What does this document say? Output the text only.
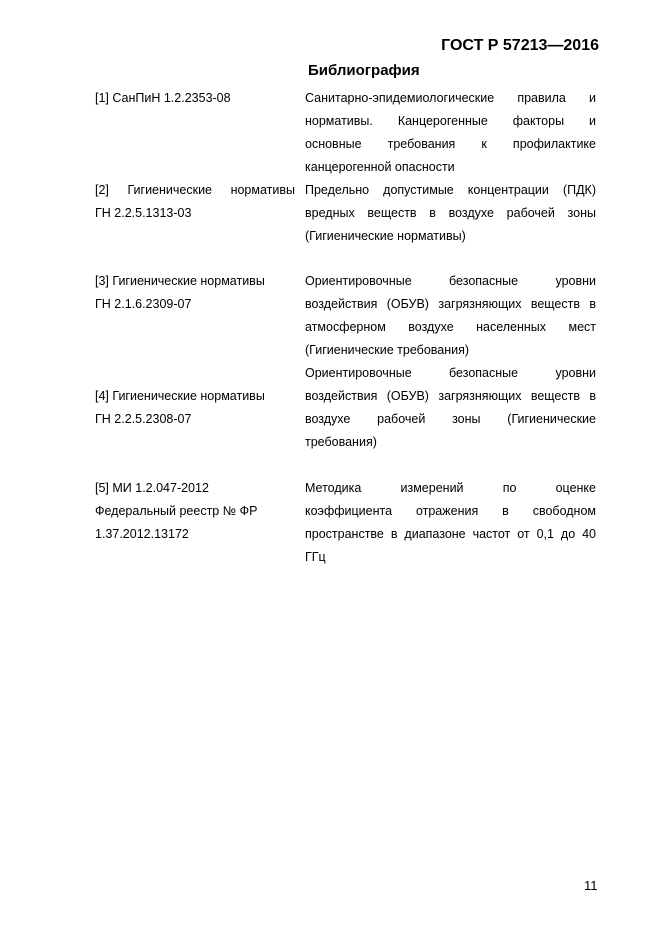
ГОСТ Р 57213—2016
Библиография
[1] СанПиН 1.2.2353-08	Санитарно-эпидемиологические правила и
нормативы. Канцерогенные факторы и
основные требования к профилактике
канцерогенной опасности
[2] Гигиенические нормативы
ГН 2.2.5.1313-03
Предельно допустимые концентрации (ПДК)
вредных веществ в воздухе рабочей зоны
(Гигиенические нормативы)
[3] Гигиенические нормативы
ГН 2.1.6.2309-07
Ориентировочные безопасные уровни
воздействия (ОБУВ) загрязняющих веществ в
атмосферном воздухе населенных мест
(Гигиенические требования)
[4] Гигиенические нормативы
ГН 2.2.5.2308-07
Ориентировочные безопасные уровни
воздействия (ОБУВ) загрязняющих веществ в
воздухе рабочей зоны (Гигиенические
требования)
[5] МИ 1.2.047-2012
Федеральный реестр № ФР
1.37.2012.13172
Методика измерений по оценке
коэффициента отражения в свободном
пространстве в диапазоне частот от 0,1 до 40
ГГц

11
